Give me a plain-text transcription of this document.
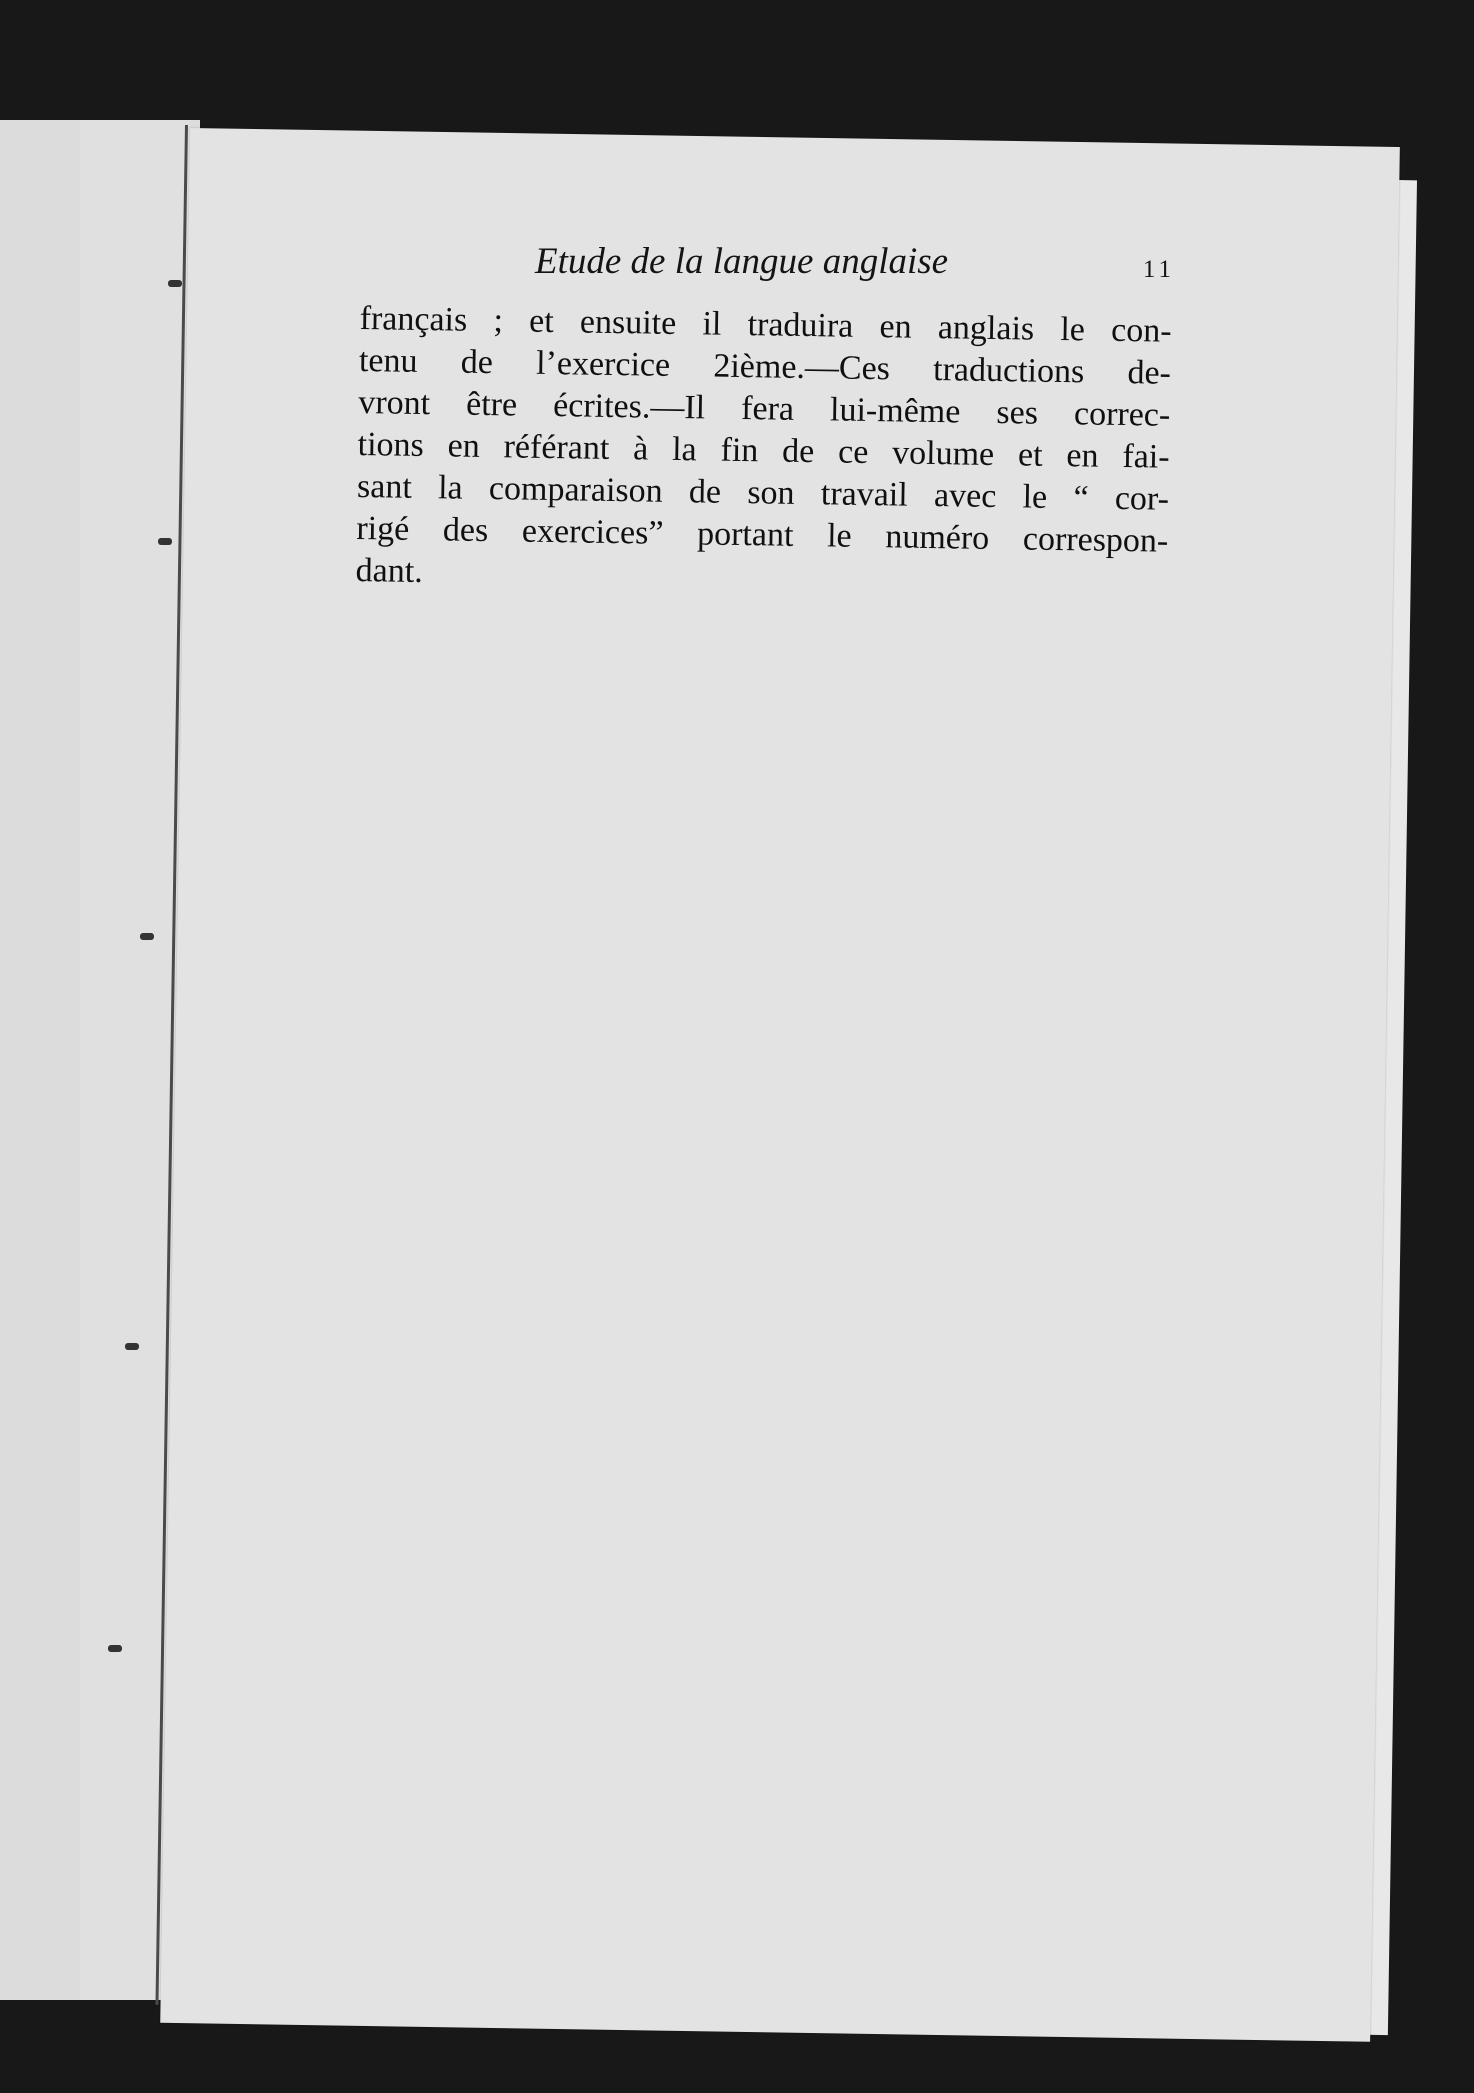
Etude de la langue anglaise	11
français ; et ensuite il traduira en anglais le con-
tenu de l’exercice 2ième.—Ces traductions de-
vront être écrites.—Il fera lui-même ses correc-
tions en référant à la fin de ce volume et en fai-
sant la comparaison de son travail avec le “ cor-
rigé des exercices” portant le numéro correspon-
dant.
